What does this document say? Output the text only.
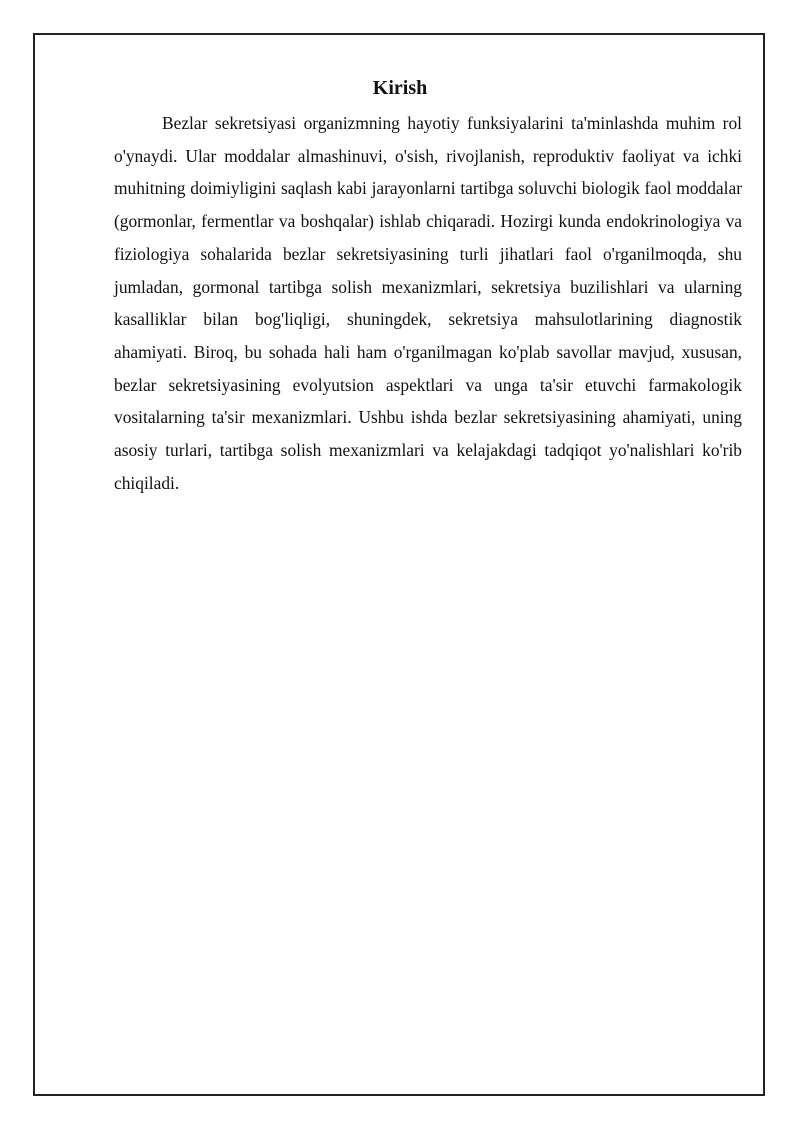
Kirish

Bezlar sekretsiyasi organizmning hayotiy funksiyalarini ta'minlashda muhim rol o'ynaydi. Ular moddalar almashinuvi, o'sish, rivojlanish, reproduktiv faoliyat va ichki muhitning doimiyligini saqlash kabi jarayonlarni tartibga soluvchi biologik faol moddalar (gormonlar, fermentlar va boshqalar) ishlab chiqaradi. Hozirgi kunda endokrinologiya va fiziologiya sohalarida bezlar sekretsiyasining turli jihatlari faol o'rganilmoqda, shu jumladan, gormonal tartibga solish mexanizmlari, sekretsiya buzilishlari va ularning kasalliklar bilan bog'liqligi, shuningdek, sekretsiya mahsulotlarining diagnostik ahamiyati. Biroq, bu sohada hali ham o'rganilmagan ko'plab savollar mavjud, xususan, bezlar sekretsiyasining evolyutsion aspektlari va unga ta'sir etuvchi farmakologik vositalarning ta'sir mexanizmlari. Ushbu ishda bezlar sekretsiyasining ahamiyati, uning asosiy turlari, tartibga solish mexanizmlari va kelajakdagi tadqiqot yo'nalishlari ko'rib chiqiladi.
